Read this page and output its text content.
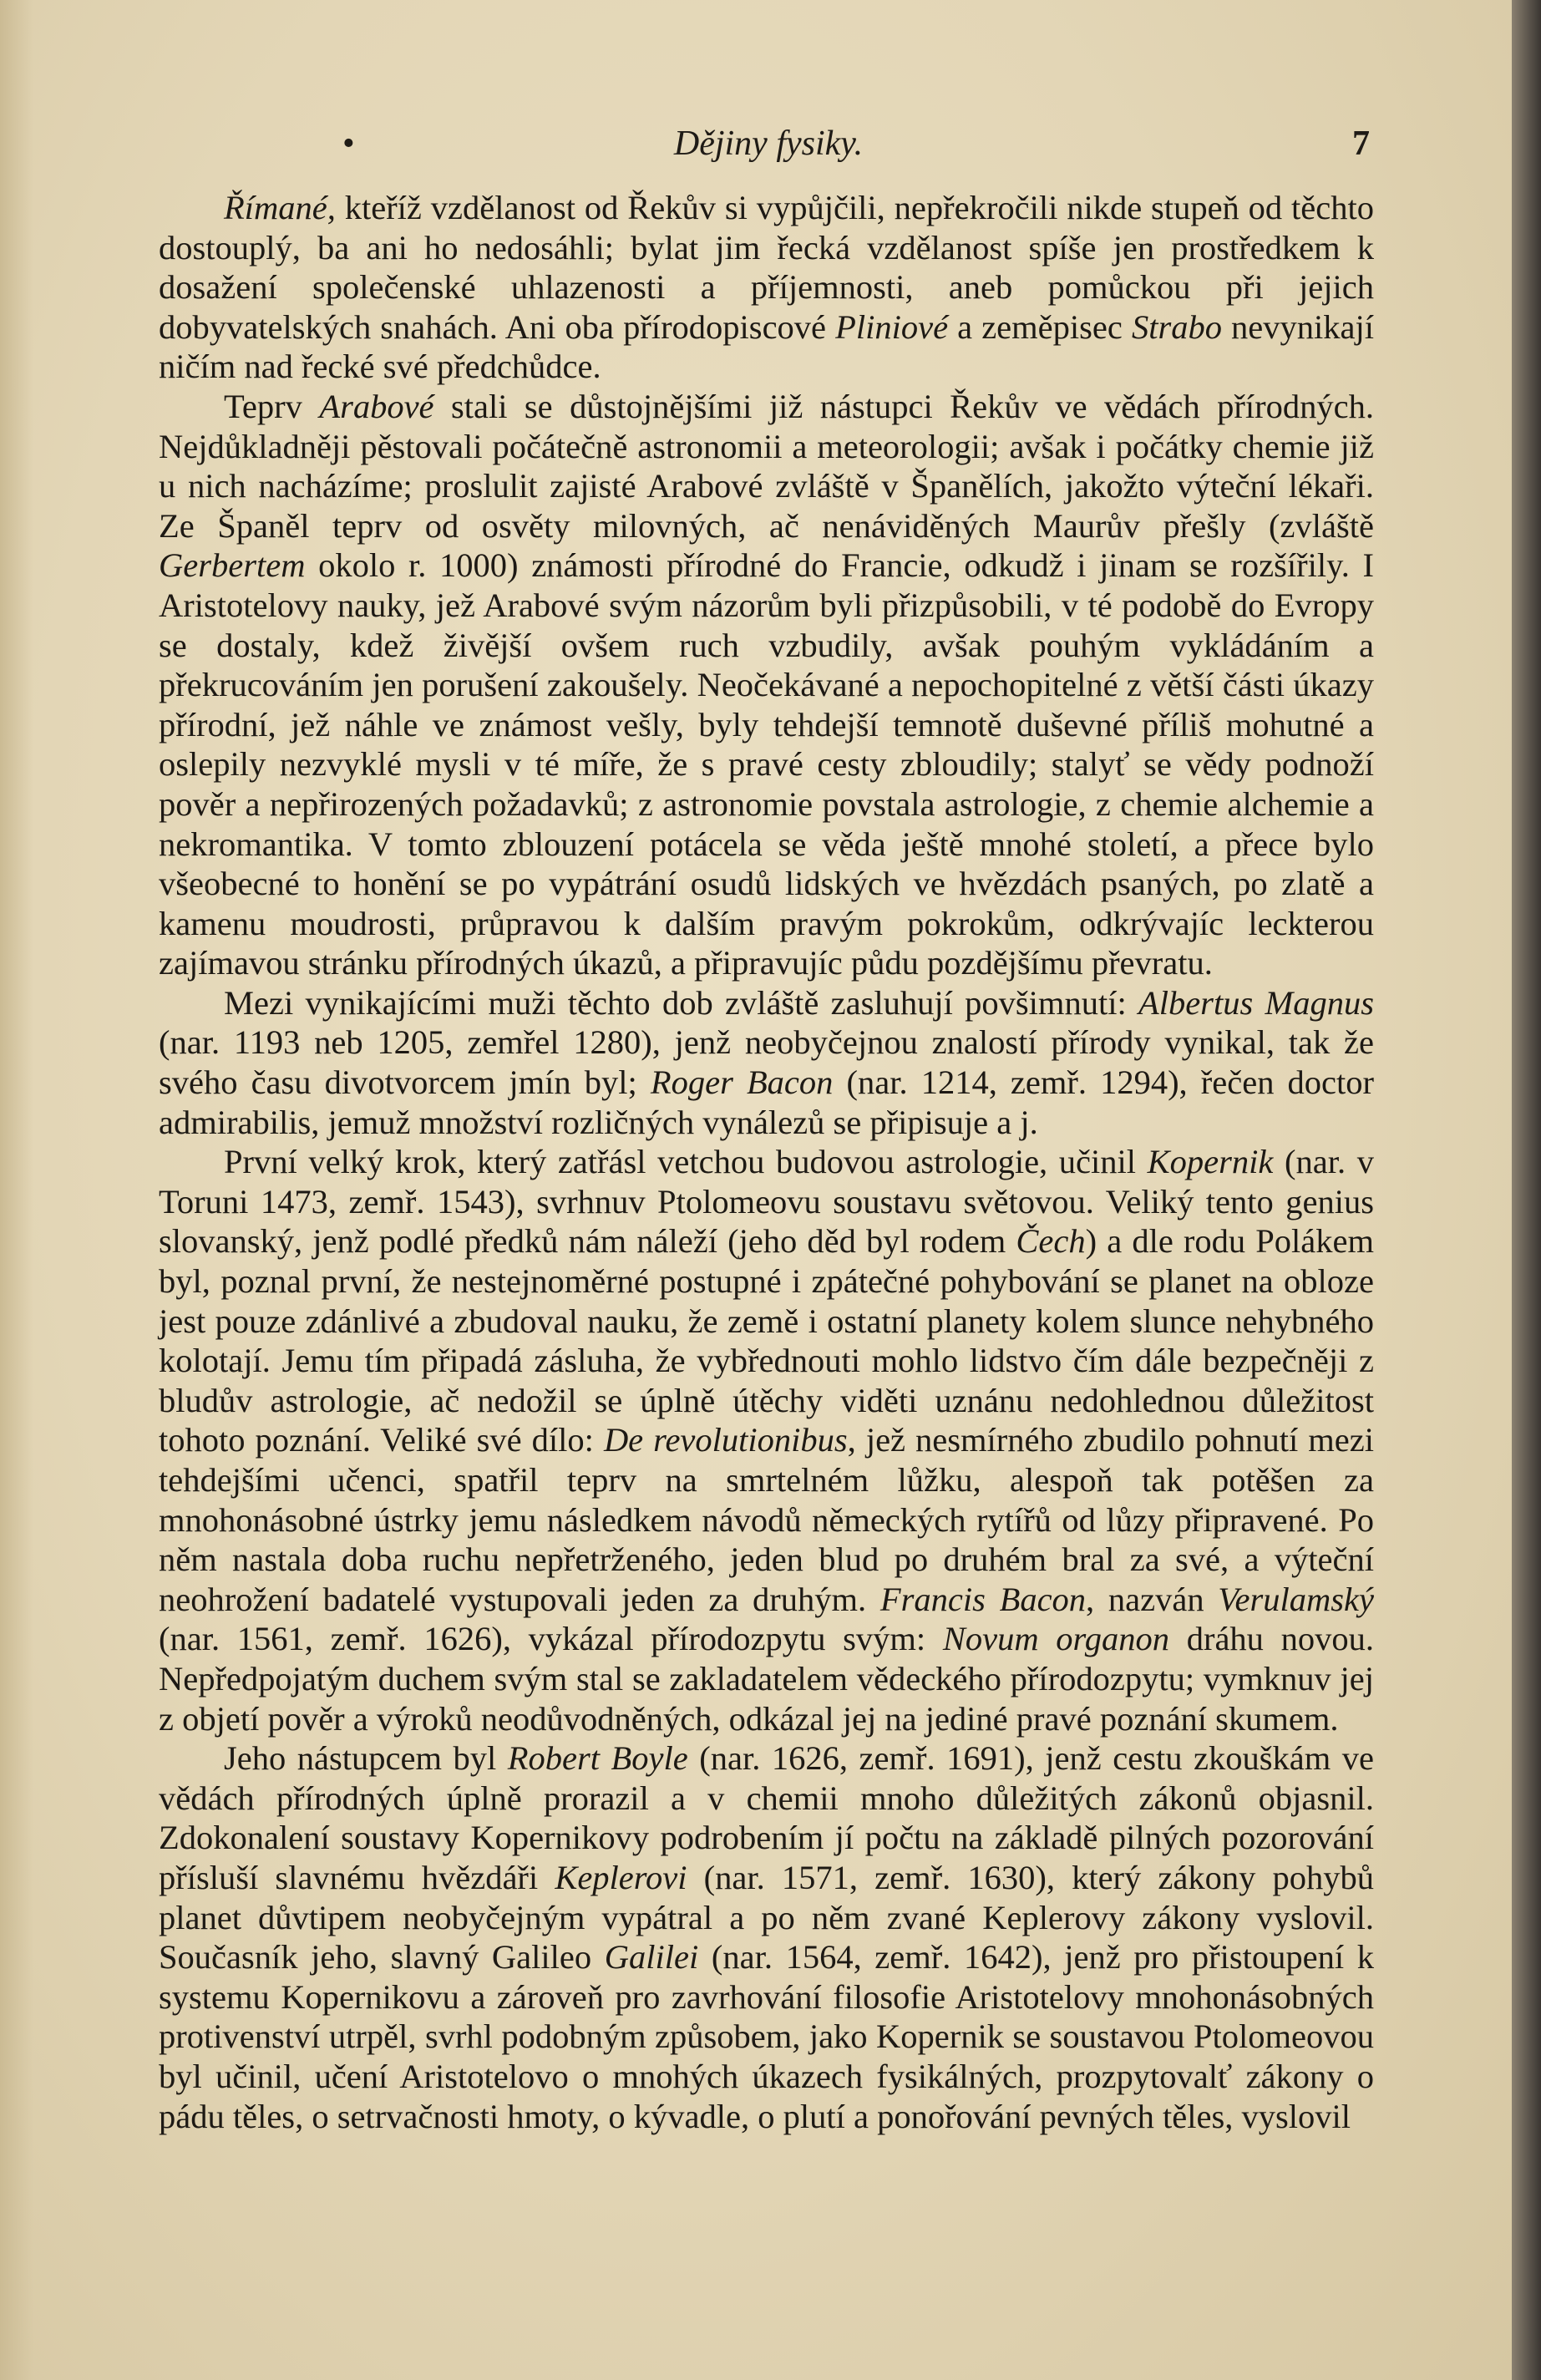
•	Dějiny fysiky.	7

Římané, kteříž vzdělanost od Řekův si vypůjčili, nepřekročili nikde stupeň od těchto dostouplý, ba ani ho nedosáhli; bylat jim řecká vzdělanost spíše jen prostředkem k dosažení společenské uhlazenosti a příjemnosti, aneb pomůckou při jejich dobyvatelských snahách. Ani oba přírodopiscové Pliniové a zeměpisec Strabo nevynikají ničím nad řecké své předchůdce.

Teprv Arabové stali se důstojnějšími již nástupci Řekův ve vědách přírodných. Nejdůkladněji pěstovali počátečně astronomii a meteorologii; avšak i počátky chemie již u nich nacházíme; proslulit zajisté Arabové zvláště v Španělích, jakožto výteční lékaři. Ze Španěl teprv od osvěty milovných, ač nenáviděných Maurův přešly (zvláště Gerbertem okolo r. 1000) známosti přírodné do Francie, odkudž i jinam se rozšířily. I Aristotelovy nauky, jež Arabové svým názorům byli přizpůsobili, v té podobě do Evropy se dostaly, kdež živější ovšem ruch vzbudily, avšak pouhým vykládáním a překrucováním jen porušení zakoušely. Neočekávané a nepochopitelné z větší části úkazy přírodní, jež náhle ve známost vešly, byly tehdejší temnotě duševné příliš mohutné a oslepily nezvyklé mysli v té míře, že s pravé cesty zbloudily; stalyť se vědy podnoží pověr a nepřirozených požadavků; z astronomie povstala astrologie, z chemie alchemie a nekromantika. V tomto zblouzení potácela se věda ještě mnohé století, a přece bylo všeobecné to honění se po vypátrání osudů lidských ve hvězdách psaných, po zlatě a kamenu moudrosti, průpravou k dalším pravým pokrokům, odkrývajíc leckterou zajímavou stránku přírodných úkazů, a připravujíc půdu pozdějšímu převratu.

Mezi vynikajícími muži těchto dob zvláště zasluhují povšimnutí: Albertus Magnus (nar. 1193 neb 1205, zemřel 1280), jenž neobyčejnou znalostí přírody vynikal, tak že svého času divotvorcem jmín byl; Roger Bacon (nar. 1214, zemř. 1294), řečen doctor admirabilis, jemuž množství rozličných vynálezů se připisuje a j.

První velký krok, který zatřásl vetchou budovou astrologie, učinil Kopernik (nar. v Toruni 1473, zemř. 1543), svrhnuv Ptolomeovu soustavu světovou. Veliký tento genius slovanský, jenž podlé předků nám náleží (jeho děd byl rodem Čech) a dle rodu Polákem byl, poznal první, že nestejnoměrné postupné i zpátečné pohybování se planet na obloze jest pouze zdánlivé a zbudoval nauku, že země i ostatní planety kolem slunce nehybného kolotají. Jemu tím připadá zásluha, že vybřednouti mohlo lidstvo čím dále bezpečněji z bludův astrologie, ač nedožil se úplně útěchy viděti uznánu nedohlednou důležitost tohoto poznání. Veliké své dílo: De revolutionibus, jež nesmírného zbudilo pohnutí mezi tehdejšími učenci, spatřil teprv na smrtelném lůžku, alespoň tak potěšen za mnohonásobné ústrky jemu následkem návodů německých rytířů od lůzy připravené. Po něm nastala doba ruchu nepřetrženého, jeden blud po druhém bral za své, a výteční neohrožení badatelé vystupovali jeden za druhým. Francis Bacon, nazván Verulamský (nar. 1561, zemř. 1626), vykázal přírodozpytu svým: Novum organon dráhu novou. Nepředpojatým duchem svým stal se zakladatelem vědeckého přírodozpytu; vymknuv jej z objetí pověr a výroků neodůvodněných, odkázal jej na jediné pravé poznání skumem.

Jeho nástupcem byl Robert Boyle (nar. 1626, zemř. 1691), jenž cestu zkouškám ve vědách přírodných úplně prorazil a v chemii mnoho důležitých zákonů objasnil. Zdokonalení soustavy Kopernikovy podrobením jí počtu na základě pilných pozorování přísluší slavnému hvězdáři Keplerovi (nar. 1571, zemř. 1630), který zákony pohybů planet důvtipem neobyčejným vypátral a po něm zvané Keplerovy zákony vyslovil. Současník jeho, slavný Galileo Galilei (nar. 1564, zemř. 1642), jenž pro přistoupení k systemu Kopernikovu a zároveň pro zavrhování filosofie Aristotelovy mnohonásobných protivenství utrpěl, svrhl podobným způsobem, jako Kopernik se soustavou Ptolomeovou byl učinil, učení Aristotelovo o mnohých úkazech fysikálných, prozpytovalť zákony o pádu těles, o setrvačnosti hmoty, o kývadle, o plutí a ponořování pevných těles, vyslovil
